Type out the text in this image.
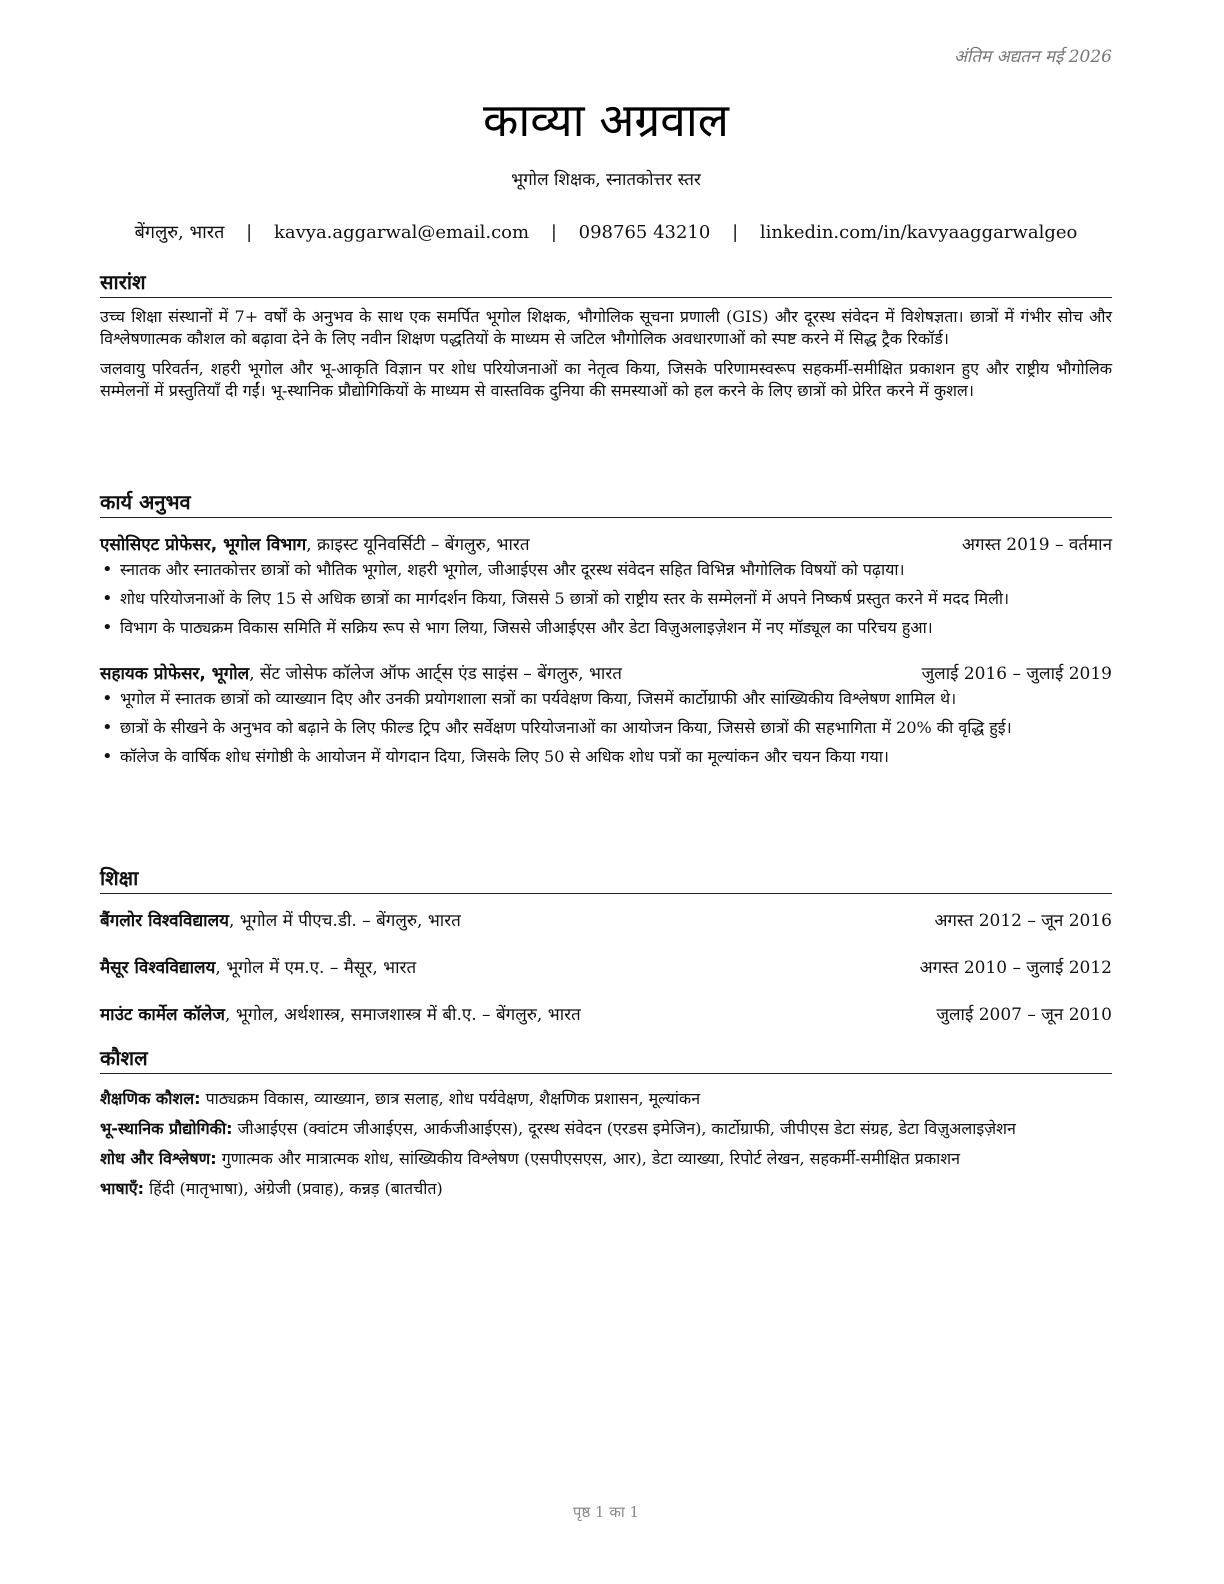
अंतिम अद्यतन मई 2026
काव्या अग्रवाल
भूगोल शिक्षक, स्नातकोत्तर स्तर
बेंगलुरु, भारत | kavya.aggarwal@email.com | 098765 43210 | linkedin.com/in/kavyaaggarwalgeo
सारांश

उच्च शिक्षा संस्थानों में 7+ वर्षों के अनुभव के साथ एक समर्पित भूगोल शिक्षक, भौगोलिक सूचना प्रणाली (GIS) और दूरस्थ संवेदन में विशेषज्ञता। छात्रों में गंभीर सोच और विश्लेषणात्मक कौशल को बढ़ावा देने के लिए नवीन शिक्षण पद्धतियों के माध्यम से जटिल भौगोलिक अवधारणाओं को स्पष्ट करने में सिद्ध ट्रैक रिकॉर्ड।

जलवायु परिवर्तन, शहरी भूगोल और भू-आकृति विज्ञान पर शोध परियोजनाओं का नेतृत्व किया, जिसके परिणामस्वरूप सहकर्मी-समीक्षित प्रकाशन हुए और राष्ट्रीय भौगोलिक सम्मेलनों में प्रस्तुतियाँ दी गईं। भू-स्थानिक प्रौद्योगिकियों के माध्यम से वास्तविक दुनिया की समस्याओं को हल करने के लिए छात्रों को प्रेरित करने में कुशल।

कार्य अनुभव
एसोसिएट प्रोफेसर, भूगोल विभाग, क्राइस्ट यूनिवर्सिटी – बेंगलुरु, भारत	अगस्त 2019 – वर्तमान
• स्नातक और स्नातकोत्तर छात्रों को भौतिक भूगोल, शहरी भूगोल, जीआईएस और दूरस्थ संवेदन सहित विभिन्न भौगोलिक विषयों को पढ़ाया।
• शोध परियोजनाओं के लिए 15 से अधिक छात्रों का मार्गदर्शन किया, जिससे 5 छात्रों को राष्ट्रीय स्तर के सम्मेलनों में अपने निष्कर्ष प्रस्तुत करने में मदद मिली।
• विभाग के पाठ्यक्रम विकास समिति में सक्रिय रूप से भाग लिया, जिससे जीआईएस और डेटा विज़ुअलाइज़ेशन में नए मॉड्यूल का परिचय हुआ।
सहायक प्रोफेसर, भूगोल, सेंट जोसेफ कॉलेज ऑफ आर्ट्स एंड साइंस – बेंगलुरु, भारत	जुलाई 2016 – जुलाई 2019
• भूगोल में स्नातक छात्रों को व्याख्यान दिए और उनकी प्रयोगशाला सत्रों का पर्यवेक्षण किया, जिसमें कार्टोग्राफी और सांख्यिकीय विश्लेषण शामिल थे।
• छात्रों के सीखने के अनुभव को बढ़ाने के लिए फील्ड ट्रिप और सर्वेक्षण परियोजनाओं का आयोजन किया, जिससे छात्रों की सहभागिता में 20% की वृद्धि हुई।
• कॉलेज के वार्षिक शोध संगोष्ठी के आयोजन में योगदान दिया, जिसके लिए 50 से अधिक शोध पत्रों का मूल्यांकन और चयन किया गया।
शिक्षा
बैंगलोर विश्वविद्यालय, भूगोल में पीएच.डी. – बेंगलुरु, भारत	अगस्त 2012 – जून 2016
मैसूर विश्वविद्यालय, भूगोल में एम.ए. – मैसूर, भारत	अगस्त 2010 – जुलाई 2012
माउंट कार्मेल कॉलेज, भूगोल, अर्थशास्त्र, समाजशास्त्र में बी.ए. – बेंगलुरु, भारत	जुलाई 2007 – जून 2010
कौशल

शैक्षणिक कौशल: पाठ्यक्रम विकास, व्याख्यान, छात्र सलाह, शोध पर्यवेक्षण, शैक्षणिक प्रशासन, मूल्यांकन

भू-स्थानिक प्रौद्योगिकी: जीआईएस (क्वांटम जीआईएस, आर्कजीआईएस), दूरस्थ संवेदन (एरडस इमेजिन), कार्टोग्राफी, जीपीएस डेटा संग्रह, डेटा विज़ुअलाइज़ेशन

शोध और विश्लेषण: गुणात्मक और मात्रात्मक शोध, सांख्यिकीय विश्लेषण (एसपीएसएस, आर), डेटा व्याख्या, रिपोर्ट लेखन, सहकर्मी-समीक्षित प्रकाशन

भाषाएँ: हिंदी (मातृभाषा), अंग्रेजी (प्रवाह), कन्नड़ (बातचीत)

पृष्ठ 1 का 1
